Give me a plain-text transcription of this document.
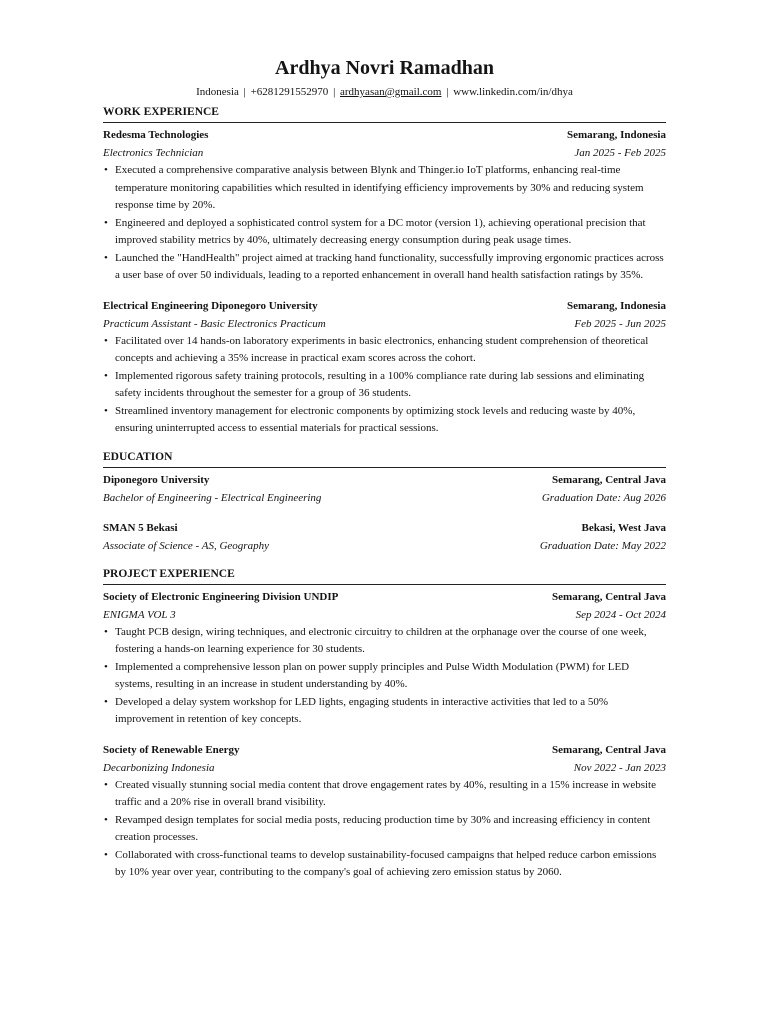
Ardhya Novri Ramadhan
Indonesia | +6281291552970 | ardhyasan@gmail.com | www.linkedin.com/in/dhya
WORK EXPERIENCE
Redesma Technologies	Semarang, Indonesia
Electronics Technician	Jan 2025 - Feb 2025
• Executed a comprehensive comparative analysis between Blynk and Thinger.io IoT platforms, enhancing real-time temperature monitoring capabilities which resulted in identifying efficiency improvements by 30% and reducing system response time by 20%.
• Engineered and deployed a sophisticated control system for a DC motor (version 1), achieving operational precision that improved stability metrics by 40%, ultimately decreasing energy consumption during peak usage times.
• Launched the "HandHealth" project aimed at tracking hand functionality, successfully improving ergonomic practices across a user base of over 50 individuals, leading to a reported enhancement in overall hand health satisfaction ratings by 35%.
Electrical Engineering Diponegoro University	Semarang, Indonesia
Practicum Assistant - Basic Electronics Practicum	Feb 2025 - Jun 2025
• Facilitated over 14 hands-on laboratory experiments in basic electronics, enhancing student comprehension of theoretical concepts and achieving a 35% increase in practical exam scores across the cohort.
• Implemented rigorous safety training protocols, resulting in a 100% compliance rate during lab sessions and eliminating safety incidents throughout the semester for a group of 36 students.
• Streamlined inventory management for electronic components by optimizing stock levels and reducing waste by 40%, ensuring uninterrupted access to essential materials for practical sessions.
EDUCATION
Diponegoro University	Semarang, Central Java
Bachelor of Engineering - Electrical Engineering	Graduation Date: Aug 2026
SMAN 5 Bekasi	Bekasi, West Java
Associate of Science - AS, Geography	Graduation Date: May 2022
PROJECT EXPERIENCE
Society of Electronic Engineering Division UNDIP	Semarang, Central Java
ENIGMA VOL 3	Sep 2024 - Oct 2024
• Taught PCB design, wiring techniques, and electronic circuitry to children at the orphanage over the course of one week, fostering a hands-on learning experience for 30 students.
• Implemented a comprehensive lesson plan on power supply principles and Pulse Width Modulation (PWM) for LED systems, resulting in an increase in student understanding by 40%.
• Developed a delay system workshop for LED lights, engaging students in interactive activities that led to a 50% improvement in retention of key concepts.
Society of Renewable Energy	Semarang, Central Java
Decarbonizing Indonesia	Nov 2022 - Jan 2023
• Created visually stunning social media content that drove engagement rates by 40%, resulting in a 15% increase in website traffic and a 20% rise in overall brand visibility.
• Revamped design templates for social media posts, reducing production time by 30% and increasing efficiency in content creation processes.
• Collaborated with cross-functional teams to develop sustainability-focused campaigns that helped reduce carbon emissions by 10% year over year, contributing to the company's goal of achieving zero emission status by 2060.
